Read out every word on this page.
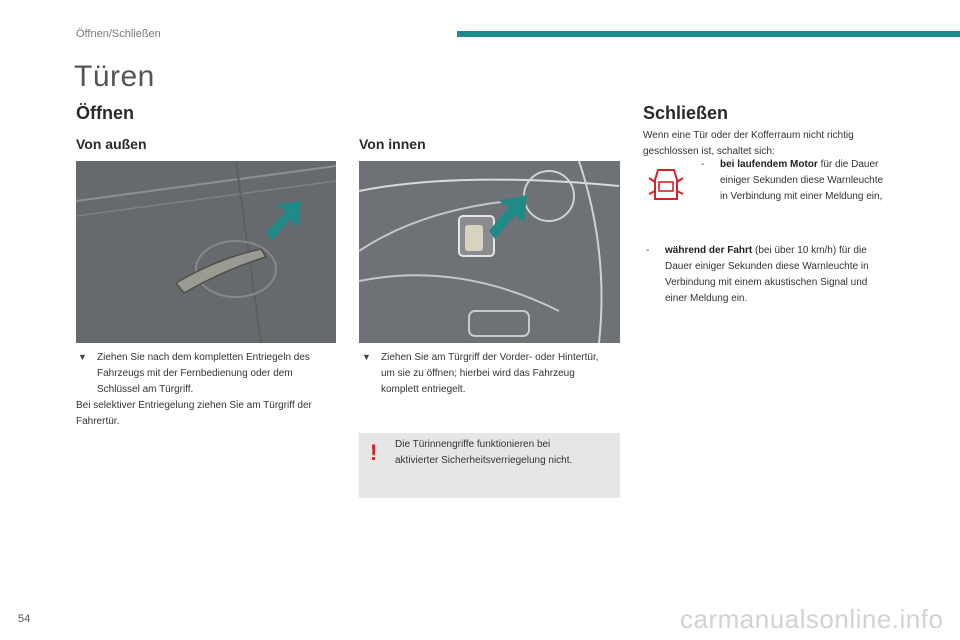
Öffnen/Schließen
Türen
Öffnen
Von außen	Von innen
▼ Ziehen Sie nach dem kompletten Entriegeln des
Fahrzeugs mit der Fernbedienung oder dem
Schlüssel am Türgriff.
Bei selektiver Entriegelung ziehen Sie am Türgriff der
Fahrertür.
▼ Ziehen Sie am Türgriff der Vorder- oder Hintertür,
um sie zu öffnen; hierbei wird das Fahrzeug
komplett entriegelt.
! Die Türinnengriffe funktionieren bei
aktivierter Sicherheitsverriegelung nicht.
Schließen
Wenn eine Tür oder der Kofferraum nicht richtig
geschlossen ist, schaltet sich:
- bei laufendem Motor für die Dauer
einiger Sekunden diese Warnleuchte
in Verbindung mit einer Meldung ein,
- während der Fahrt (bei über 10 km/h) für die
Dauer einiger Sekunden diese Warnleuchte in
Verbindung mit einem akustischen Signal und
einer Meldung ein.
54	carmanualsonline.info
